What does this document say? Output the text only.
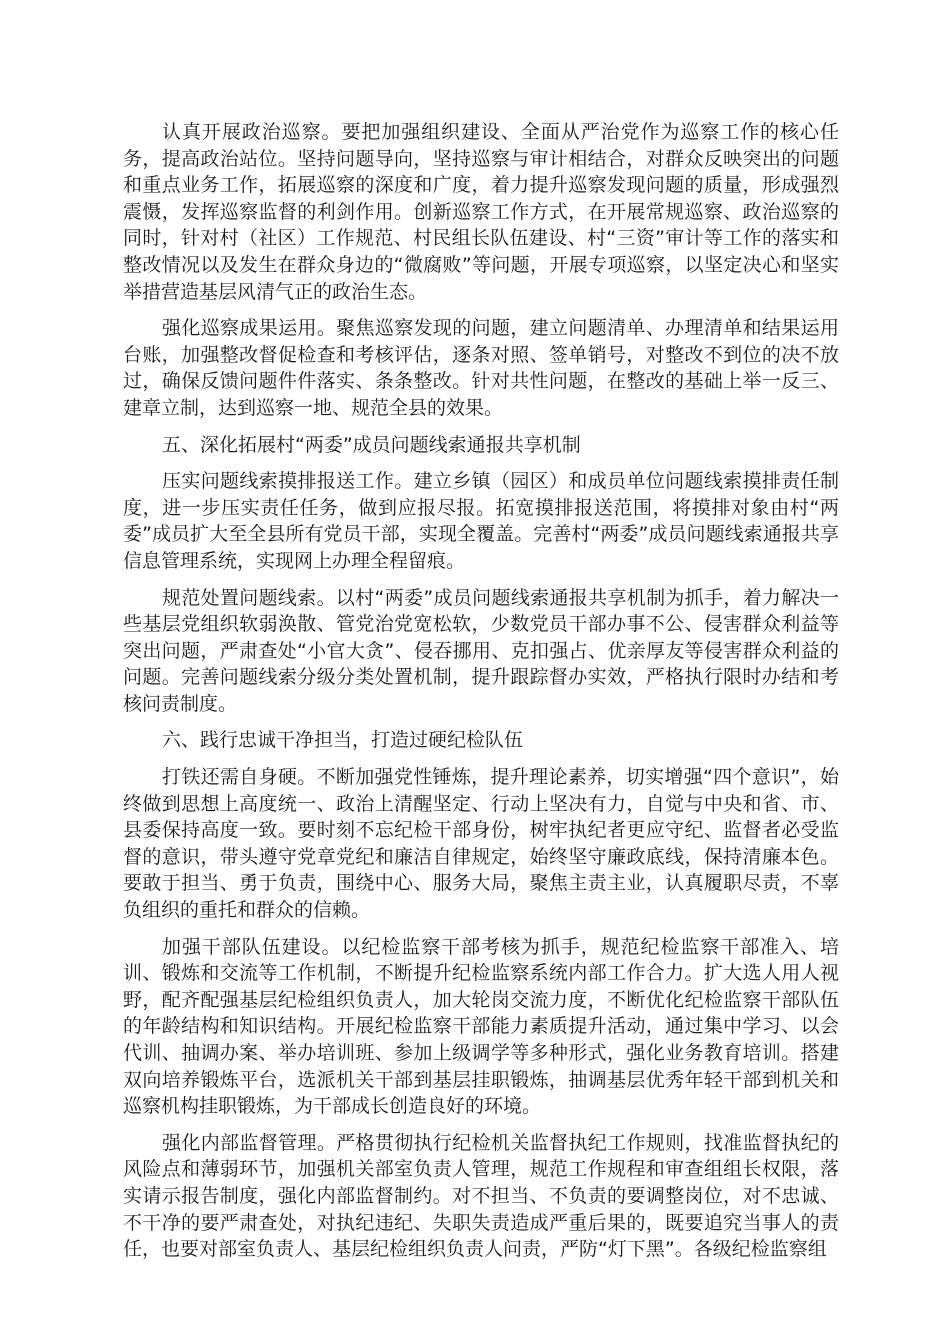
认真开展政治巡察。要把加强组织建设、全面从严治党作为巡察工作的核心任务，提高政治站位。坚持问题导向，坚持巡察与审计相结合，对群众反映突出的问题和重点业务工作，拓展巡察的深度和广度，着力提升巡察发现问题的质量，形成强烈震慑，发挥巡察监督的利剑作用。创新巡察工作方式，在开展常规巡察、政治巡察的同时，针对村（社区）工作规范、村民组长队伍建设、村“三资”审计等工作的落实和整改情况以及发生在群众身边的“微腐败”等问题，开展专项巡察，以坚定决心和坚实举措营造基层风清气正的政治生态。

强化巡察成果运用。聚焦巡察发现的问题，建立问题清单、办理清单和结果运用台账，加强整改督促检查和考核评估，逐条对照、签单销号，对整改不到位的决不放过，确保反馈问题件件落实、条条整改。针对共性问题，在整改的基础上举一反三、建章立制，达到巡察一地、规范全县的效果。

五、深化拓展村“两委”成员问题线索通报共享机制

压实问题线索摸排报送工作。建立乡镇（园区）和成员单位问题线索摸排责任制度，进一步压实责任任务，做到应报尽报。拓宽摸排报送范围，将摸排对象由村“两委”成员扩大至全县所有党员干部，实现全覆盖。完善村“两委”成员问题线索通报共享信息管理系统，实现网上办理全程留痕。

规范处置问题线索。以村“两委”成员问题线索通报共享机制为抓手，着力解决一些基层党组织软弱涣散、管党治党宽松软，少数党员干部办事不公、侵害群众利益等突出问题，严肃查处“小官大贪”、侵吞挪用、克扣强占、优亲厚友等侵害群众利益的问题。完善问题线索分级分类处置机制，提升跟踪督办实效，严格执行限时办结和考核问责制度。

六、践行忠诚干净担当，打造过硬纪检队伍

打铁还需自身硬。不断加强党性锤炼，提升理论素养，切实增强“四个意识”，始终做到思想上高度统一、政治上清醒坚定、行动上坚决有力，自觉与中央和省、市、县委保持高度一致。要时刻不忘纪检干部身份，树牢执纪者更应守纪、监督者必受监督的意识，带头遵守党章党纪和廉洁自律规定，始终坚守廉政底线，保持清廉本色。要敢于担当、勇于负责，围绕中心、服务大局，聚焦主责主业，认真履职尽责，不辜负组织的重托和群众的信赖。

加强干部队伍建设。以纪检监察干部考核为抓手，规范纪检监察干部准入、培训、锻炼和交流等工作机制，不断提升纪检监察系统内部工作合力。扩大选人用人视野，配齐配强基层纪检组织负责人，加大轮岗交流力度，不断优化纪检监察干部队伍的年龄结构和知识结构。开展纪检监察干部能力素质提升活动，通过集中学习、以会代训、抽调办案、举办培训班、参加上级调学等多种形式，强化业务教育培训。搭建双向培养锻炼平台，选派机关干部到基层挂职锻炼，抽调基层优秀年轻干部到机关和巡察机构挂职锻炼，为干部成长创造良好的环境。

强化内部监督管理。严格贯彻执行纪检机关监督执纪工作规则，找准监督执纪的风险点和薄弱环节，加强机关部室负责人管理，规范工作规程和审查组组长权限，落实请示报告制度，强化内部监督制约。对不担当、不负责的要调整岗位，对不忠诚、不干净的要严肃查处，对执纪违纪、失职失责造成严重后果的，既要追究当事人的责任，也要对部室负责人、基层纪检组织负责人问责，严防“灯下黑”。各级纪检监察组
